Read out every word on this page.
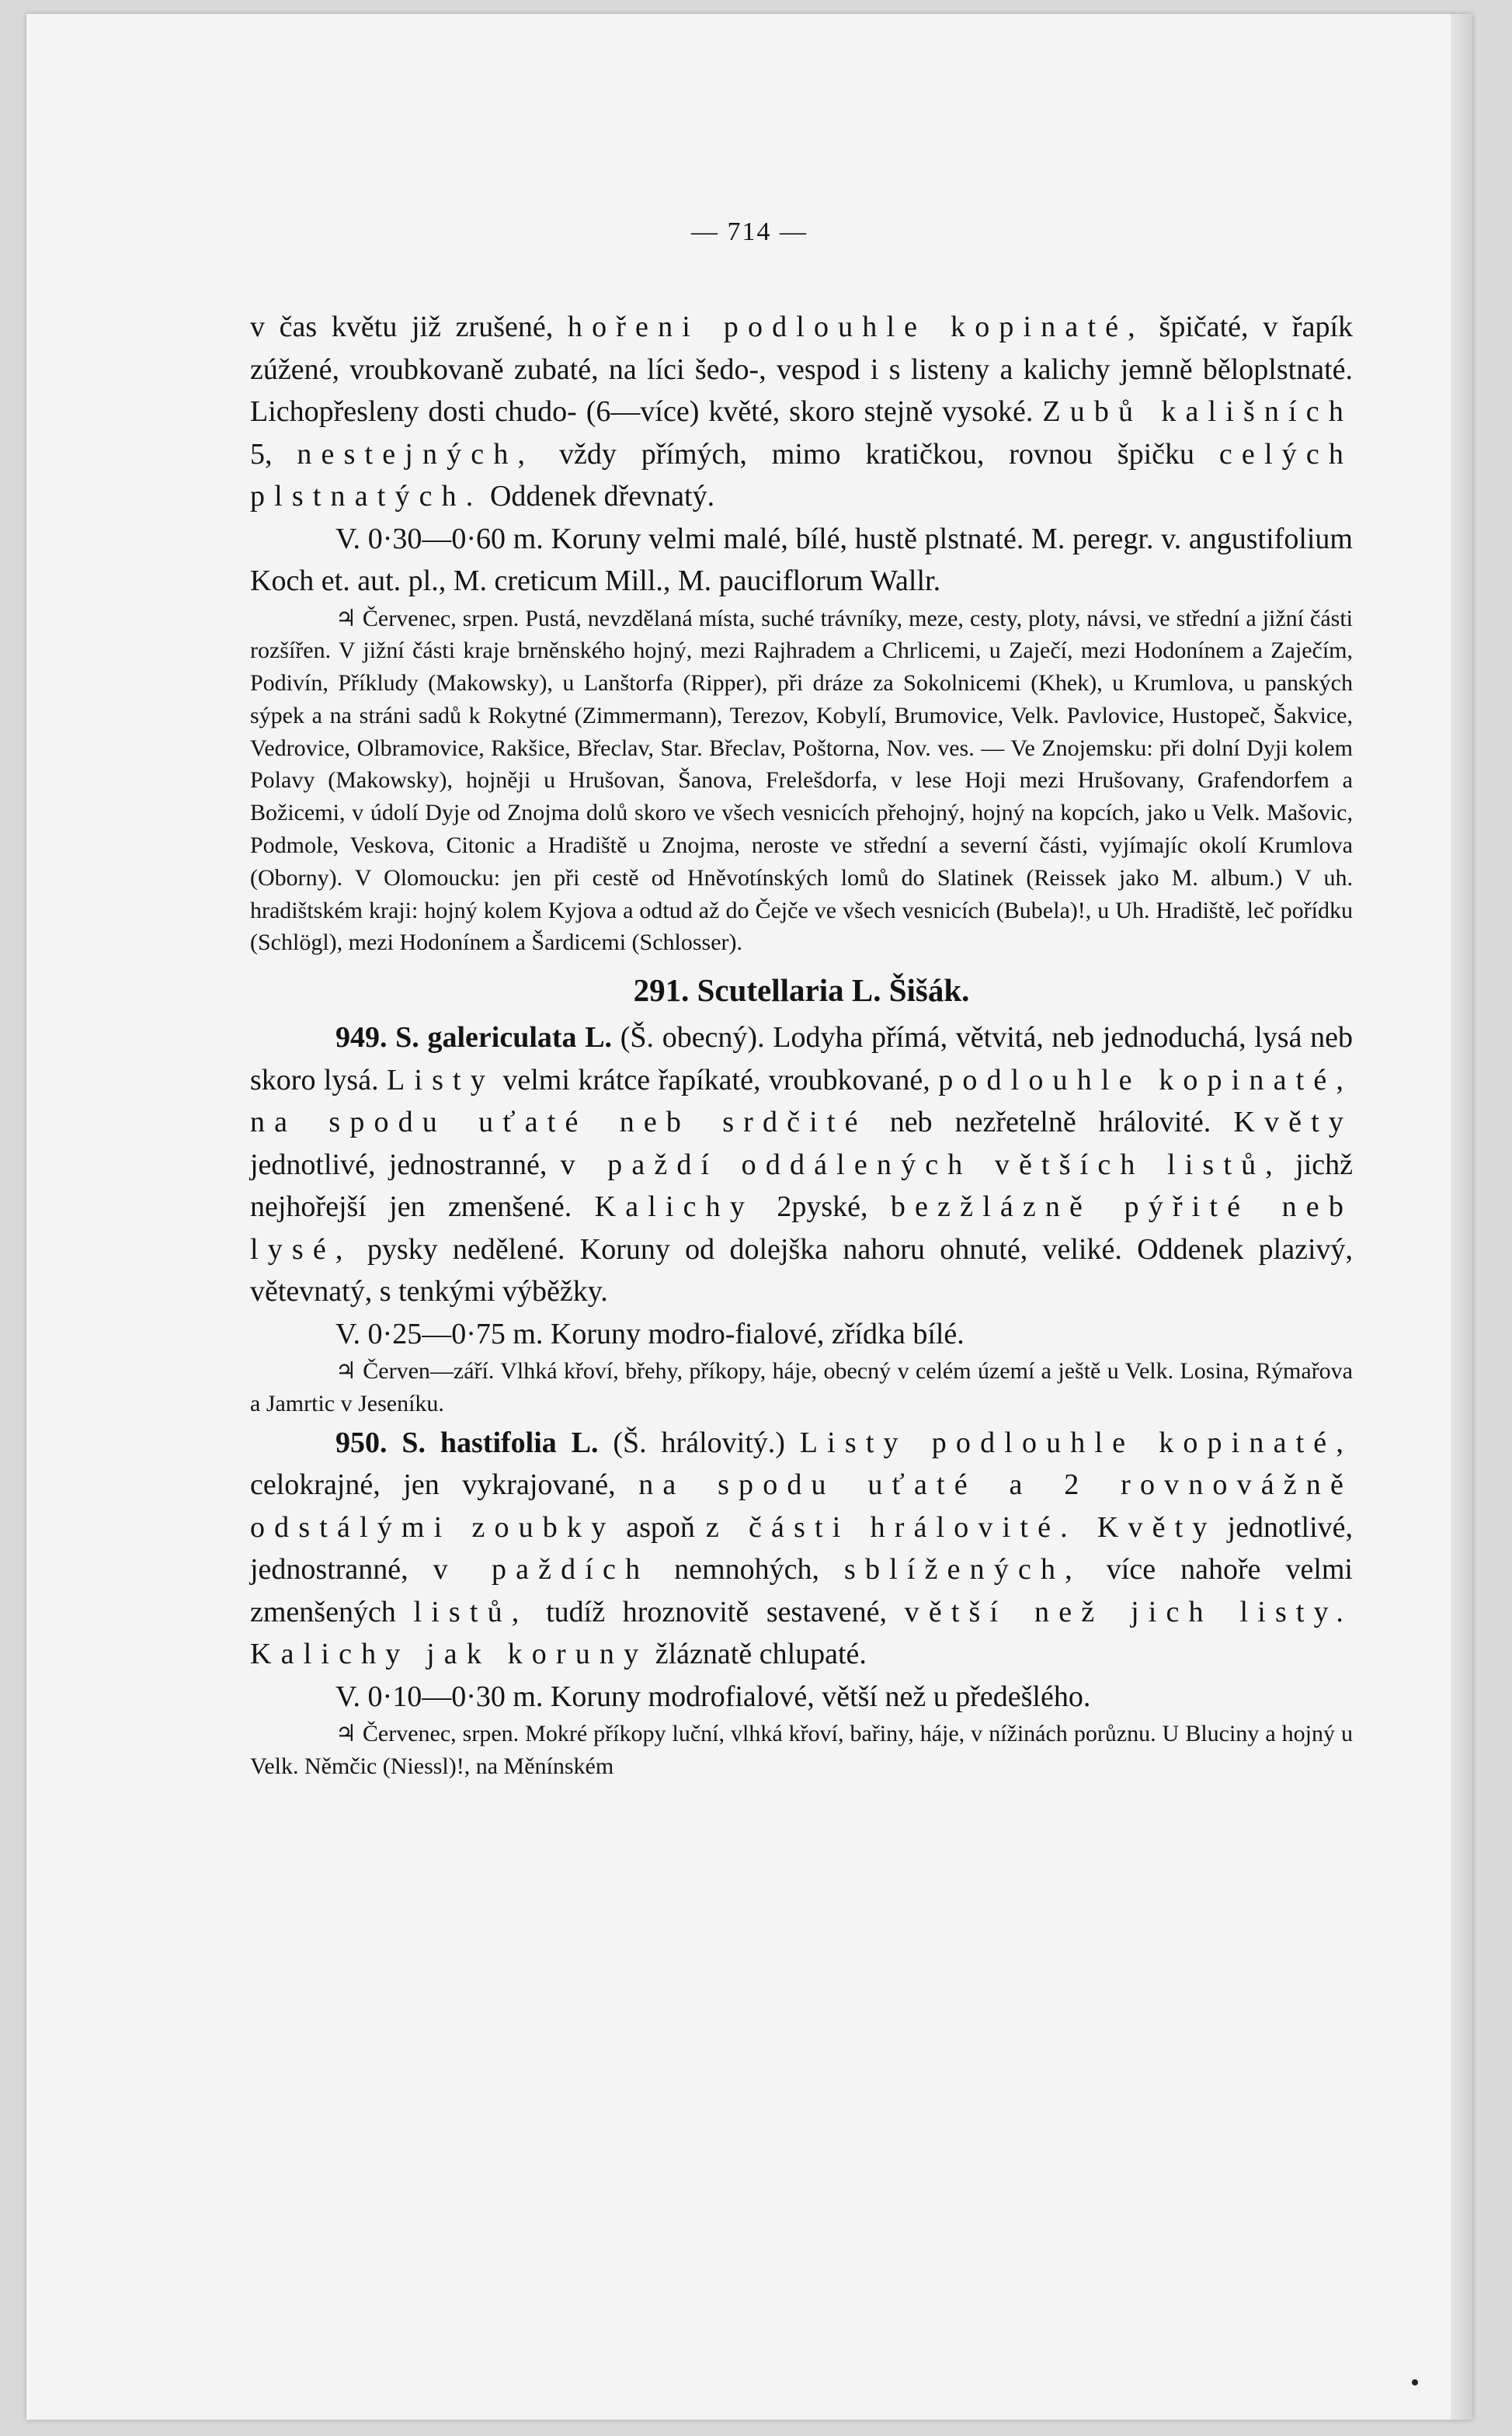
— 714 —

v čas květu již zrušené, hořeni podlouhle kopinaté, špičaté, v řapík zúžené, vroubkovaně zubaté, na líci šedo-, vespod i s listeny a kalichy jemně běloplstnaté. Lichopřesleny dosti chudo- (6—více) květé, skoro stejně vysoké. Zubů kališních 5, nestejných, vždy přímých, mimo kratičkou, rovnou špičku celých plstnatých. Oddenek dřevnatý.

V. 0·30—0·60 m. Koruny velmi malé, bílé, hustě plstnaté. M. peregr. v. angustifolium Koch et. aut. pl., M. creticum Mill., M. pauciflorum Wallr.

♃ Červenec, srpen. Pustá, nevzdělaná místa, suché trávníky, meze, cesty, ploty, návsi, ve střední a jižní části rozšířen. V jižní části kraje brněnského hojný, mezi Rajhradem a Chrlicemi, u Zaječí, mezi Hodonínem a Zaječím, Podivín, Příkludy (Makowsky), u Lanštorfa (Ripper), při dráze za Sokolnicemi (Khek), u Krumlova, u panských sýpek a na stráni sadů k Rokytné (Zimmermann), Terezov, Kobylí, Brumovice, Velk. Pavlovice, Hustopeč, Šakvice, Vedrovice, Olbramovice, Rakšice, Břeclav, Star. Břeclav, Poštorna, Nov. ves. — Ve Znojemsku: při dolní Dyji kolem Polavy (Makowsky), hojněji u Hrušovan, Šanova, Frelešdorfa, v lese Hoji mezi Hrušovany, Grafendorfem a Božicemi, v údolí Dyje od Znojma dolů skoro ve všech vesnicích přehojný, hojný na kopcích, jako u Velk. Mašovic, Podmole, Veskova, Citonic a Hradiště u Znojma, neroste ve střední a severní části, vyjímajíc okolí Krumlova (Oborny). V Olomoucku: jen při cestě od Hněvotínských lomů do Slatinek (Reissek jako M. album.) V uh. hradištském kraji: hojný kolem Kyjova a odtud až do Čejče ve všech vesnicích (Bubela)!, u Uh. Hradiště, leč pořídku (Schlögl), mezi Hodonínem a Šardicemi (Schlosser).

291. Scutellaria L. Šišák.

949. S. galericulata L. (Š. obecný). Lodyha přímá, větvitá, neb jednoduchá, lysá neb skoro lysá. Listy velmi krátce řapíkaté, vroubkované, podlouhle kopinaté, na spodu uťaté neb srdčité neb nezřetelně hrálovité. Květy jednotlivé, jednostranné, v paždí oddálených větších listů, jichž nejhořejší jen zmenšené. Kalichy 2pyské, bezžlázně pýřité neb lysé, pysky nedělené. Koruny od dolejška nahoru ohnuté, veliké. Oddenek plazivý, větevnatý, s tenkými výběžky.

V. 0·25—0·75 m. Koruny modro-fialové, zřídka bílé.

♃ Červen—září. Vlhká křoví, břehy, příkopy, háje, obecný v celém území a ještě u Velk. Losina, Rýmařova a Jamrtic v Jeseníku.

950. S. hastifolia L. (Š. hrálovitý.) Listy podlouhle kopinaté, celokrajné, jen vykrajované, na spodu uťaté a 2 rovnovážně odstálými zoubky aspoň z části hrálovité. Květy jednotlivé, jednostranné, v paždích nemnohých, sblížených, více nahoře velmi zmenšených listů, tudíž hroznovitě sestavené, větší než jich listy. Kalichy jak koruny žláznatě chlupaté.

V. 0·10—0·30 m. Koruny modrofialové, větší než u předešlého.

♃ Červenec, srpen. Mokré příkopy luční, vlhká křoví, bařiny, háje, v nížinách porůznu. U Bluciny a hojný u Velk. Němčic (Niessl)!, na Měnínském
